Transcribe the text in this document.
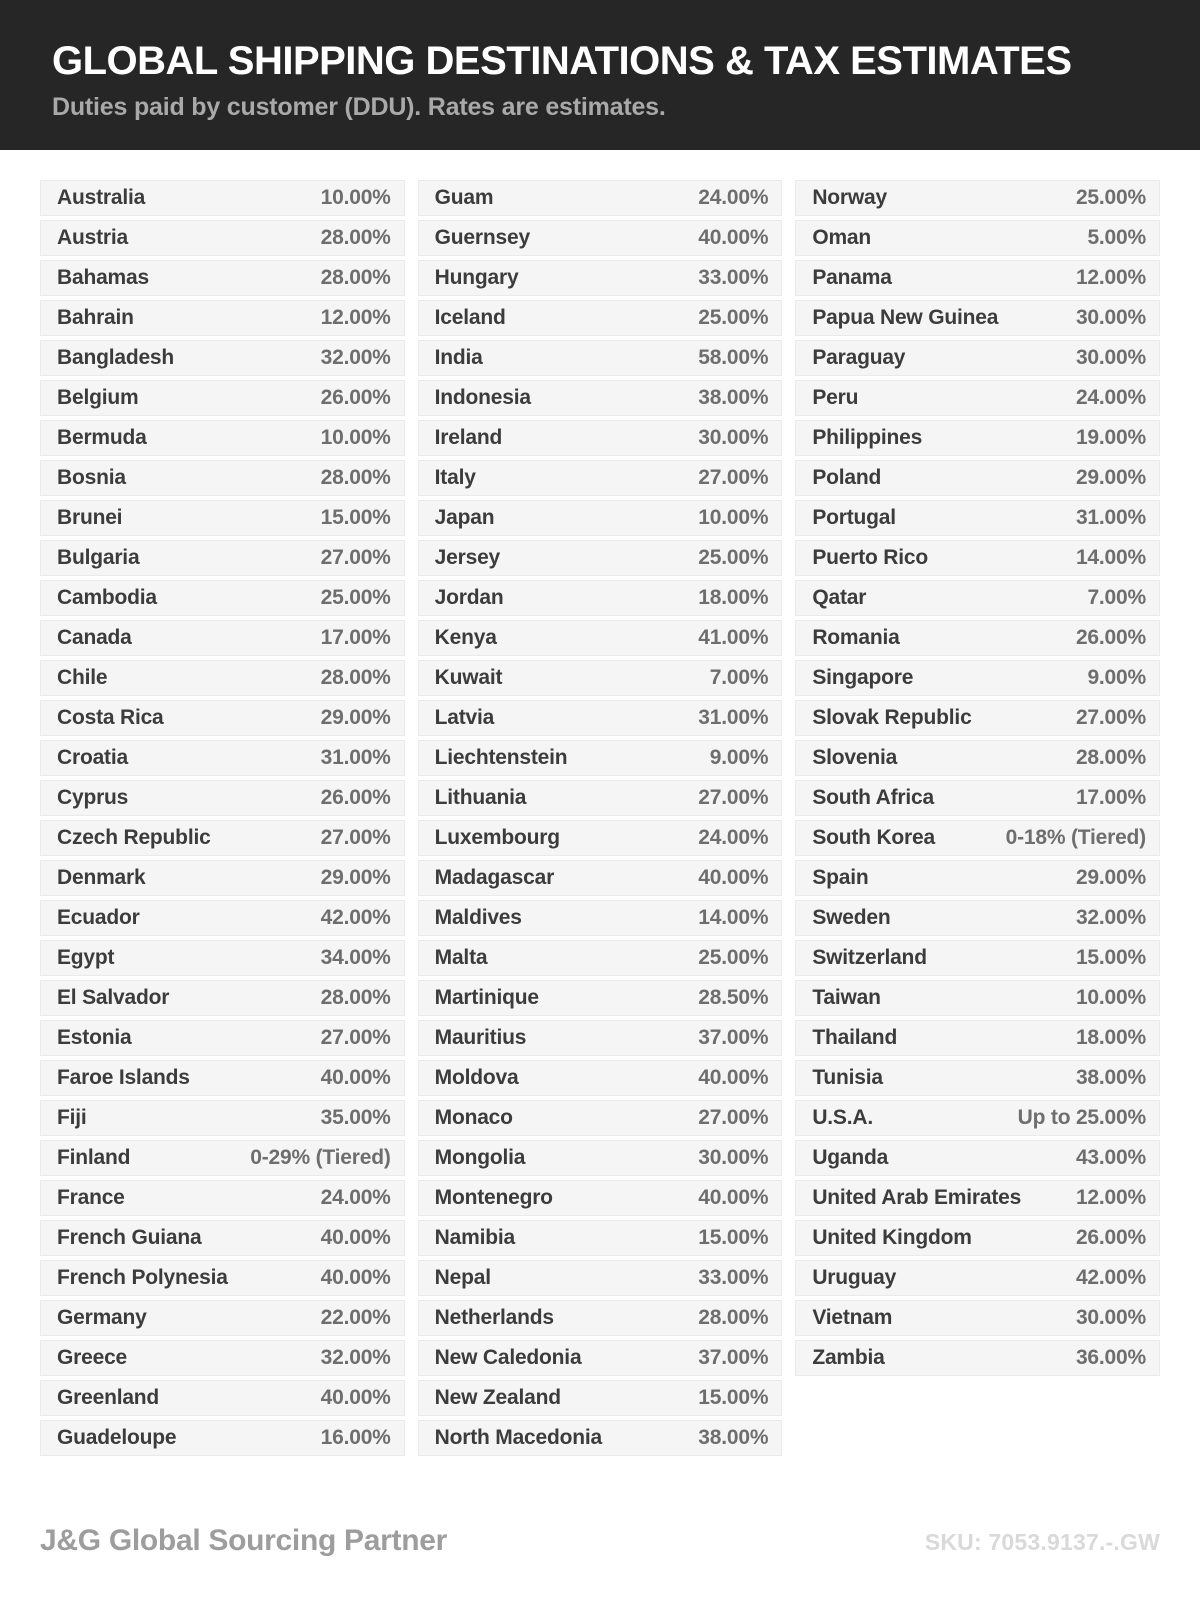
GLOBAL SHIPPING DESTINATIONS & TAX ESTIMATES

Duties paid by customer (DDU). Rates are estimates.

Australia	10.00%
Austria	28.00%
Bahamas	28.00%
Bahrain	12.00%
Bangladesh	32.00%
Belgium	26.00%
Bermuda	10.00%
Bosnia	28.00%
Brunei	15.00%
Bulgaria	27.00%
Cambodia	25.00%
Canada	17.00%
Chile	28.00%
Costa Rica	29.00%
Croatia	31.00%
Cyprus	26.00%
Czech Republic	27.00%
Denmark	29.00%
Ecuador	42.00%
Egypt	34.00%
El Salvador	28.00%
Estonia	27.00%
Faroe Islands	40.00%
Fiji	35.00%
Finland	0-29% (Tiered)
France	24.00%
French Guiana	40.00%
French Polynesia	40.00%
Germany	22.00%
Greece	32.00%
Greenland	40.00%
Guadeloupe	16.00%
Guam	24.00%
Guernsey	40.00%
Hungary	33.00%
Iceland	25.00%
India	58.00%
Indonesia	38.00%
Ireland	30.00%
Italy	27.00%
Japan	10.00%
Jersey	25.00%
Jordan	18.00%
Kenya	41.00%
Kuwait	7.00%
Latvia	31.00%
Liechtenstein	9.00%
Lithuania	27.00%
Luxembourg	24.00%
Madagascar	40.00%
Maldives	14.00%
Malta	25.00%
Martinique	28.50%
Mauritius	37.00%
Moldova	40.00%
Monaco	27.00%
Mongolia	30.00%
Montenegro	40.00%
Namibia	15.00%
Nepal	33.00%
Netherlands	28.00%
New Caledonia	37.00%
New Zealand	15.00%
North Macedonia	38.00%
Norway	25.00%
Oman	5.00%
Panama	12.00%
Papua New Guinea	30.00%
Paraguay	30.00%
Peru	24.00%
Philippines	19.00%
Poland	29.00%
Portugal	31.00%
Puerto Rico	14.00%
Qatar	7.00%
Romania	26.00%
Singapore	9.00%
Slovak Republic	27.00%
Slovenia	28.00%
South Africa	17.00%
South Korea	0-18% (Tiered)
Spain	29.00%
Sweden	32.00%
Switzerland	15.00%
Taiwan	10.00%
Thailand	18.00%
Tunisia	38.00%
U.S.A.	Up to 25.00%
Uganda	43.00%
United Arab Emirates	12.00%
United Kingdom	26.00%
Uruguay	42.00%
Vietnam	30.00%
Zambia	36.00%
J&G Global Sourcing Partner	SKU: 7053.9137.-.GW
